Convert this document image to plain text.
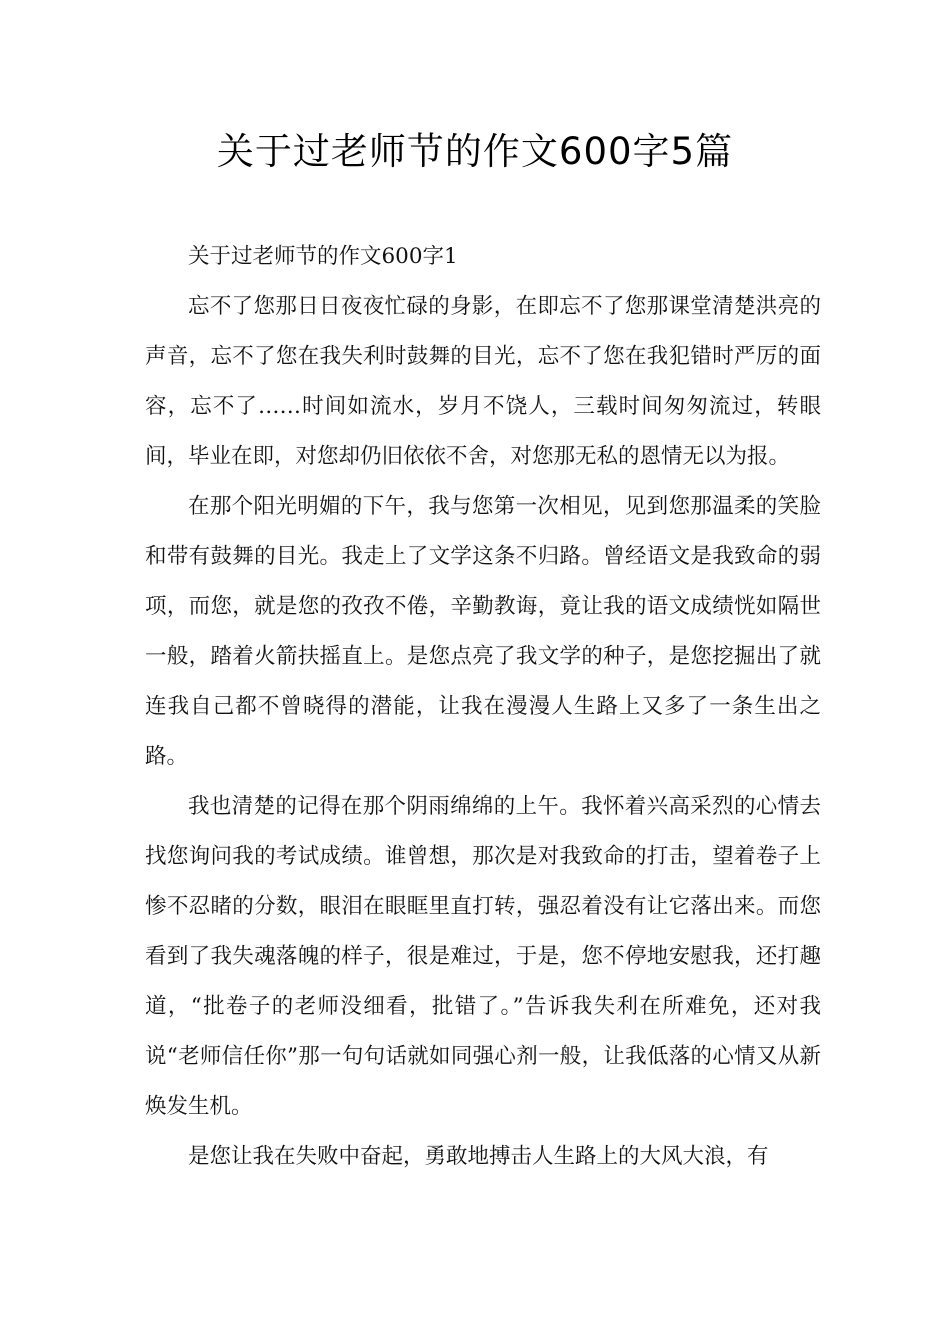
关于过老师节的作文600字5篇

关于过老师节的作文600字1

忘不了您那日日夜夜忙碌的身影，在即忘不了您那课堂清楚洪亮的声音，忘不了您在我失利时鼓舞的目光，忘不了您在我犯错时严厉的面容，忘不了……时间如流水，岁月不饶人，三载时间匆匆流过，转眼间，毕业在即，对您却仍旧依依不舍，对您那无私的恩情无以为报。

在那个阳光明媚的下午，我与您第一次相见，见到您那温柔的笑脸和带有鼓舞的目光。我走上了文学这条不归路。曾经语文是我致命的弱项，而您，就是您的孜孜不倦，辛勤教诲，竟让我的语文成绩恍如隔世一般，踏着火箭扶摇直上。是您点亮了我文学的种子，是您挖掘出了就连我自己都不曾晓得的潜能，让我在漫漫人生路上又多了一条生出之路。

我也清楚的记得在那个阴雨绵绵的上午。我怀着兴高采烈的心情去找您询问我的考试成绩。谁曾想，那次是对我致命的打击，望着卷子上惨不忍睹的分数，眼泪在眼眶里直打转，强忍着没有让它落出来。而您看到了我失魂落魄的样子，很是难过，于是，您不停地安慰我，还打趣道，“批卷子的老师没细看，批错了。”告诉我失利在所难免，还对我说“老师信任你”那一句句话就如同强心剂一般，让我低落的心情又从新焕发生机。

是您让我在失败中奋起，勇敢地搏击人生路上的大风大浪，有
